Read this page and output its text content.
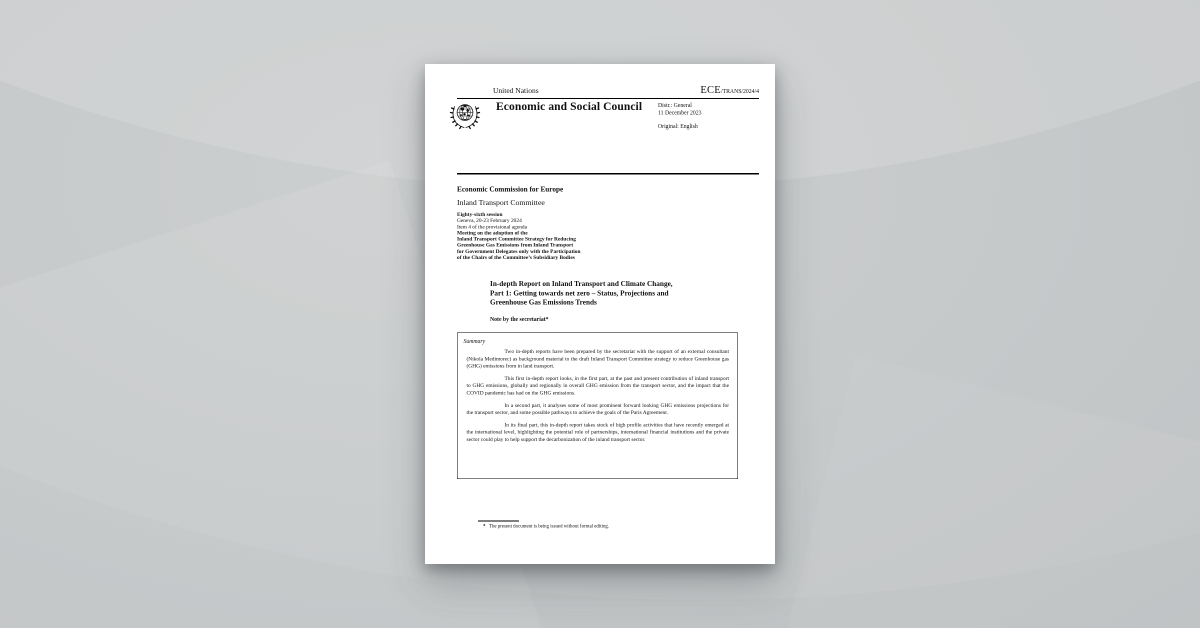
United Nations	ECE/TRANS/2024/4
Economic and Social Council Distr.: General
11 December 2023
Original: English
Economic Commission for Europe
Inland Transport Committee
Eighty-sixth session
Geneva, 20-23 February 2024
Item 4 of the provisional agenda
Meeting on the adoption of the
Inland Transport Committee Strategy for Reducing
Greenhouse Gas Emissions from Inland Transport
for Government Delegates only with the Participation
of the Chairs of the Committee’s Subsidiary Bodies
In-depth Report on Inland Transport and Climate Change,
Part 1: Getting towards net zero – Status, Projections and
Greenhouse Gas Emissions Trends
Note by the secretariat*
Summary

Two in-depth reports have been prepared by the secretariat with the support of an external consultant (Nikola Medimorec) as background material to the draft Inland Transport Committee strategy to reduce Greenhouse gas (GHG) emissions from in land transport.

This first in-depth report looks, in the first part, at the past and present contribution of inland transport to GHG emissions, globally and regionally in overall GHG emission from the transport sector, and the impact that the COVID pandemic has had on the GHG emissions.

In a second part, it analyses some of most prominent forward looking GHG emissions projections for the transport sector, and some possible pathways to achieve the goals of the Paris Agreement.

In its final part, this in-depth report takes stock of high profile activities that have recently emerged at the international level, highlighting the potential role of partnerships, international financial institutions and the private sector could play to help support the decarbonization of the inland transport sector.

* The present document is being issued without formal editing.
